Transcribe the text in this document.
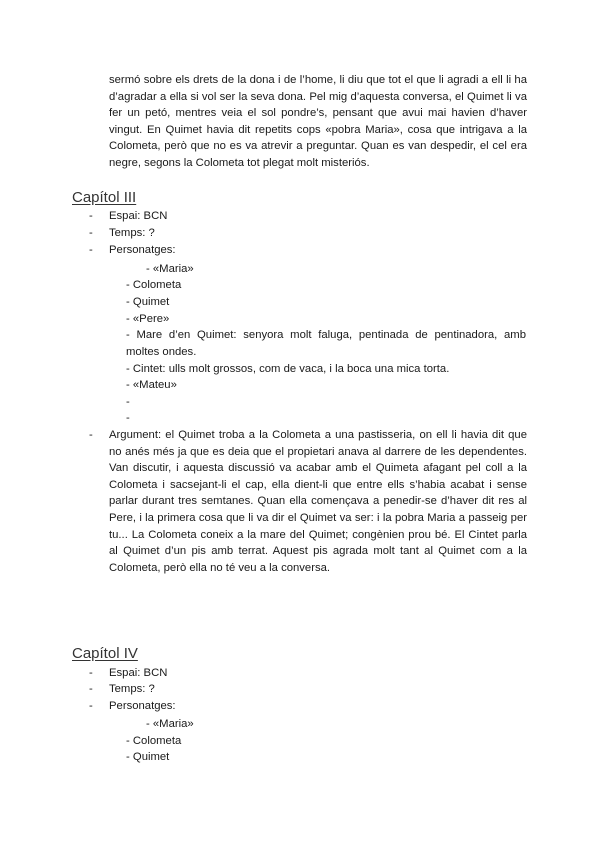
sermó sobre els drets de la dona i de l’home, li diu que tot el que li agradi a ell li ha d’agradar a ella si vol ser la seva dona. Pel mig d’aquesta conversa, el Quimet li va fer un petó, mentres veia el sol pondre’s, pensant que avui mai havien d’haver vingut. En Quimet havia dit repetits cops «pobra Maria», cosa que intrigava a la Colometa, però que no es va atrevir a preguntar. Quan es van despedir, el cel era negre, segons la Colometa tot plegat molt misteriós.

Capítol III
- Espai: BCN
- Temps: ?
- Personatges:
- «Maria»
- Colometa
- Quimet
- «Pere»
- Mare d’en Quimet: senyora molt faluga, pentinada de pentinadora, amb moltes ondes.
- Cintet: ulls molt grossos, com de vaca, i la boca una mica torta.
- «Mateu»
-
-
- Argument: el Quimet troba a la Colometa a una pastisseria, on ell li havia dit que no anés més ja que es deia que el propietari anava al darrere de les dependentes. Van discutir, i aquesta discussió va acabar amb el Quimeta afagant pel coll a la Colometa i sacsejant-li el cap, ella dient-li que entre ells s’habia acabat i sense parlar durant tres semtanes. Quan ella començava a penedir-se d’haver dit res al Pere, i la primera cosa que li va dir el Quimet va ser: i la pobra Maria a passeig per tu... La Colometa coneix a la mare del Quimet; congènien prou bé. El Cintet parla al Quimet d’un pis amb terrat. Aquest pis agrada molt tant al Quimet com a la Colometa, però ella no té veu a la conversa.

Capítol IV
- Espai: BCN
- Temps: ?
- Personatges:
- «Maria»
- Colometa
- Quimet
